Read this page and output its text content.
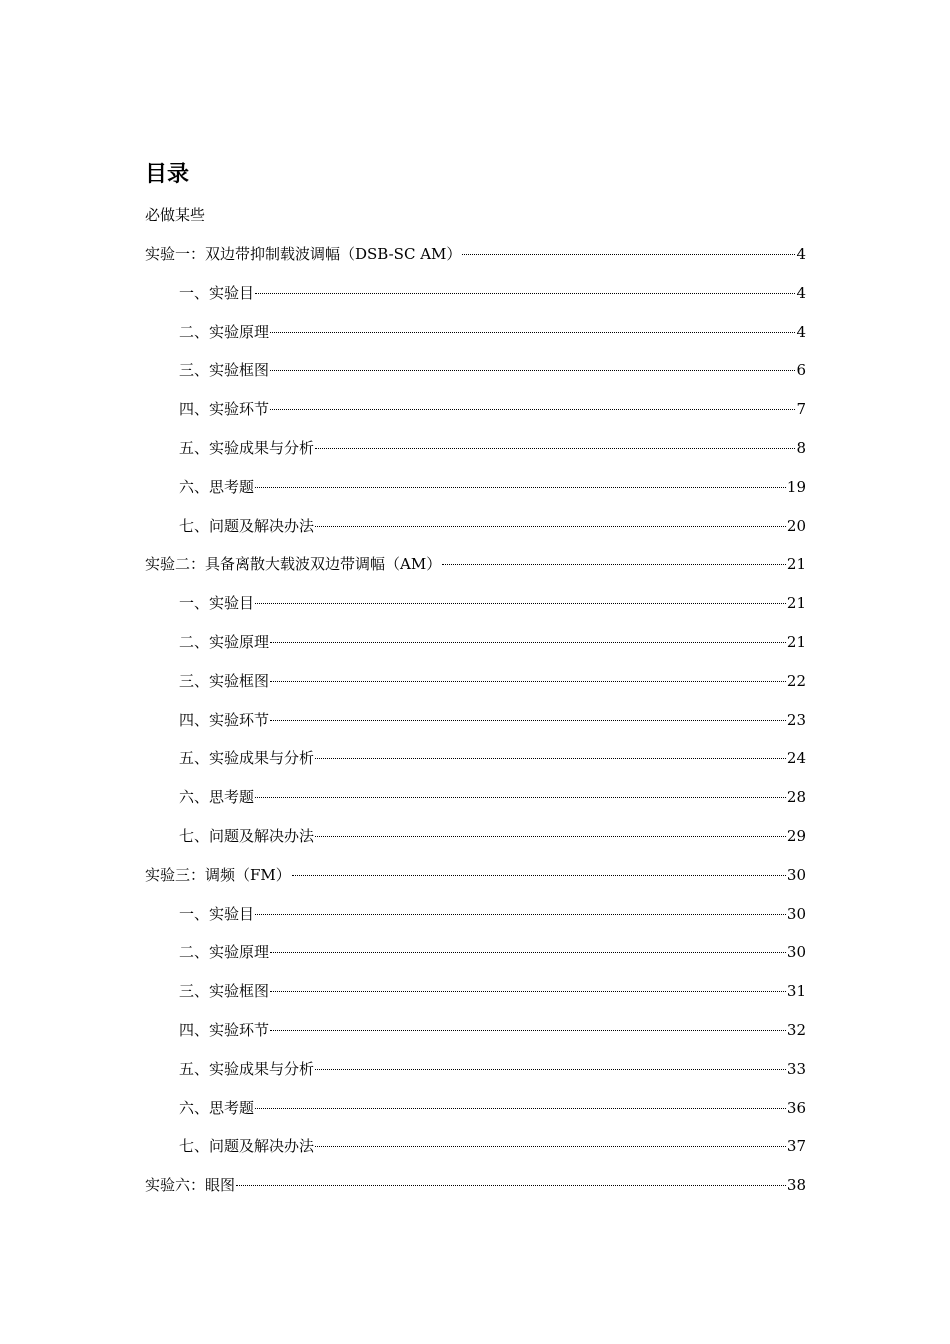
目录
必做某些
实验一：双边带抑制载波调幅（DSB-SC AM）	4
一、实验目	4
二、实验原理	4
三、实验框图	6
四、实验环节	7
五、实验成果与分析	8
六、思考题	19
七、问题及解决办法	20
实验二：具备离散大载波双边带调幅（AM）	21
一、实验目	21
二、实验原理	21
三、实验框图	22
四、实验环节	23
五、实验成果与分析	24
六、思考题	28
七、问题及解决办法	29
实验三：调频（FM）	30
一、实验目	30
二、实验原理	30
三、实验框图	31
四、实验环节	32
五、实验成果与分析	33
六、思考题	36
七、问题及解决办法	37
实验六：眼图	38
